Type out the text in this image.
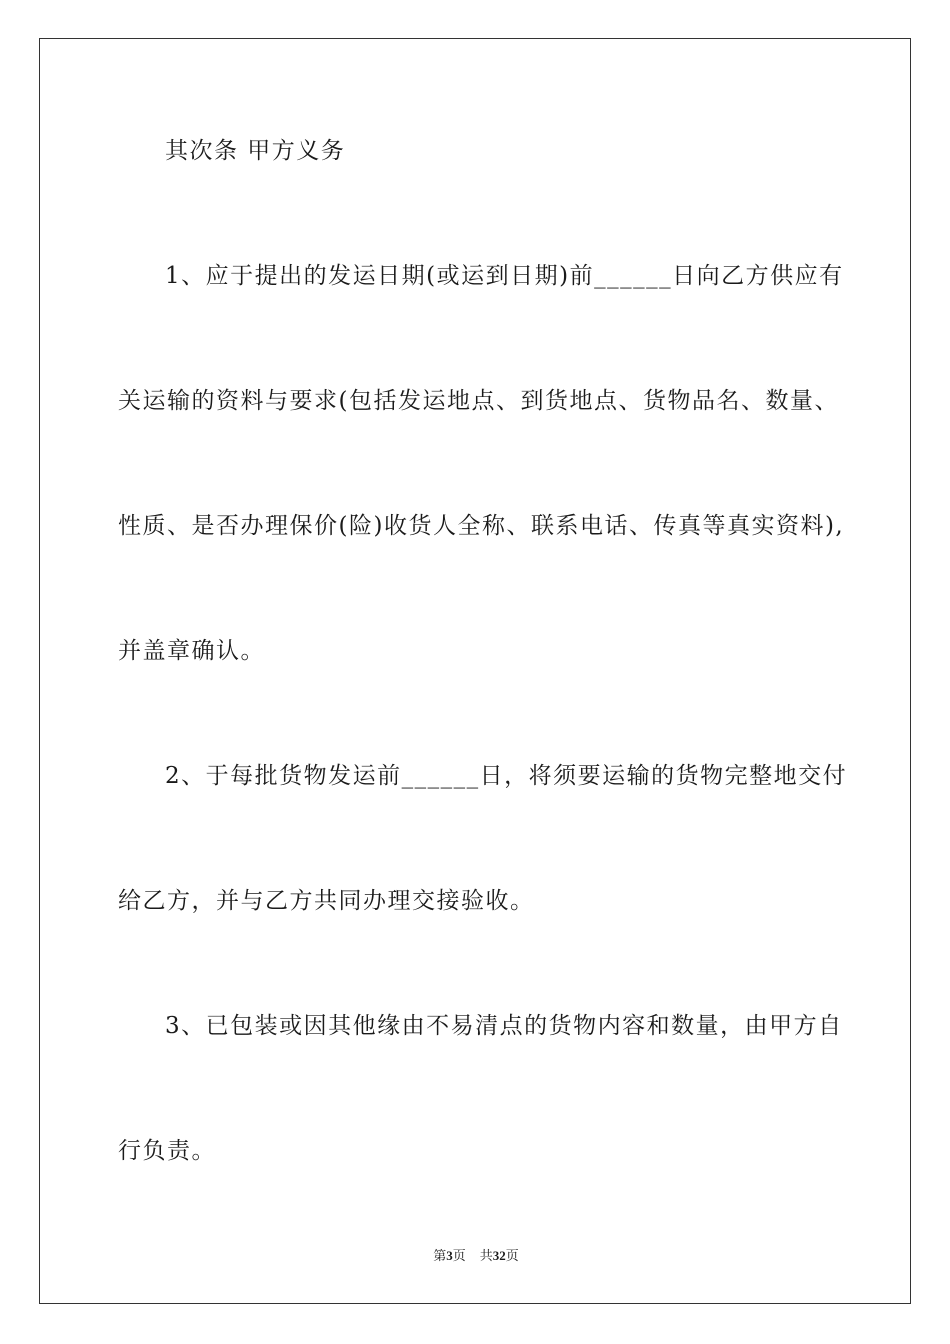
其次条 甲方义务
1、应于提出的发运日期(或运到日期)前______日向乙方供应有
关运输的资料与要求(包括发运地点、到货地点、货物品名、数量、
性质、是否办理保价(险)收货人全称、联系电话、传真等真实资料),
并盖章确认。
2、于每批货物发运前______日，将须要运输的货物完整地交付
给乙方，并与乙方共同办理交接验收。
3、已包装或因其他缘由不易清点的货物内容和数量，由甲方自
行负责。
第3页 共32页
